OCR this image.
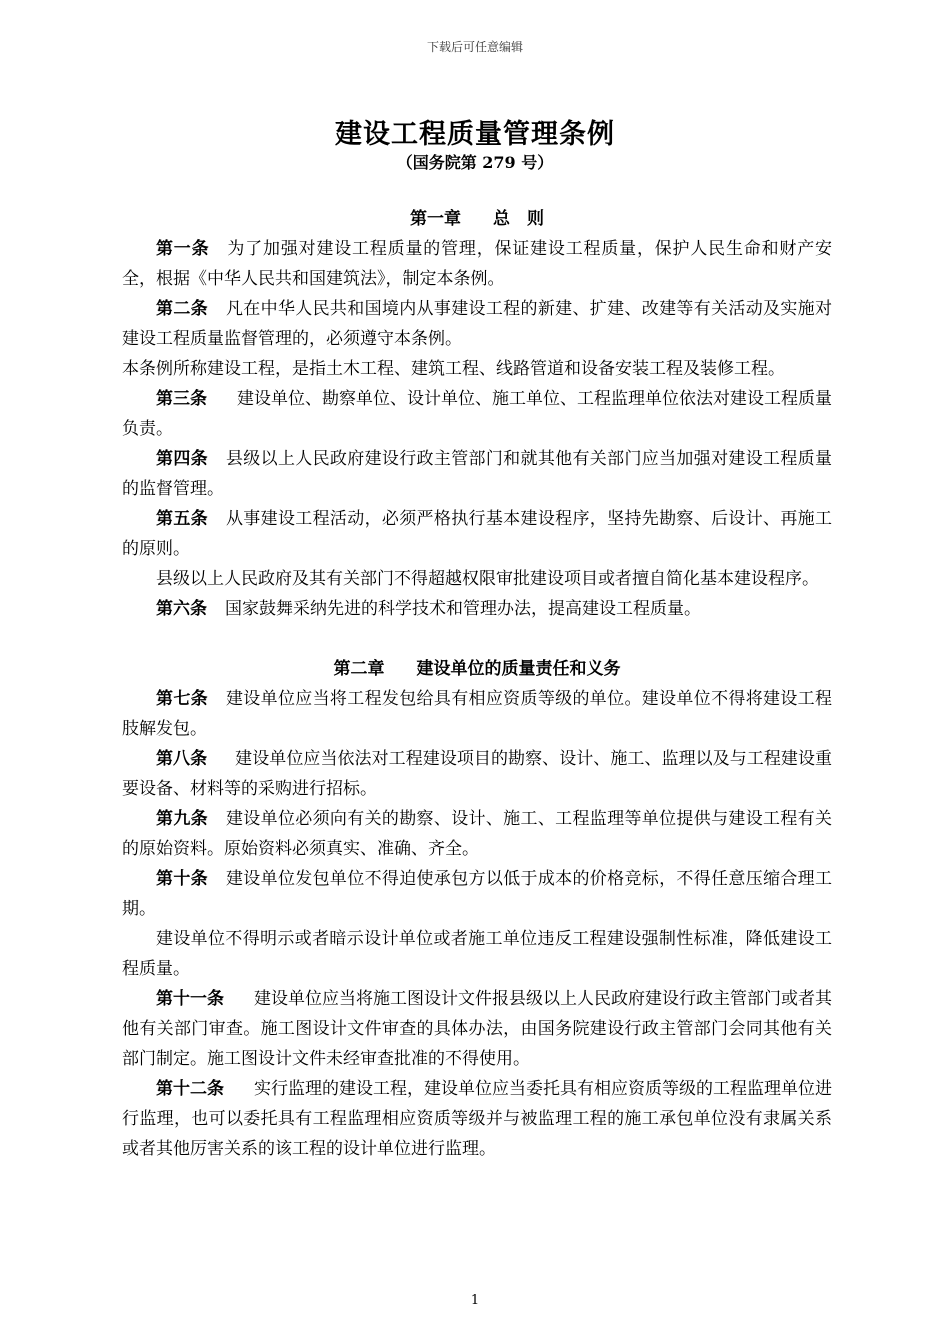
下载后可任意编辑
建设工程质量管理条例
（国务院第 279 号）
第一章 总　则

第一条 为了加强对建设工程质量的管理，保证建设工程质量，保护人民生命和财产安全，根据《中华人民共和国建筑法》，制定本条例。

第二条 凡在中华人民共和国境内从事建设工程的新建、扩建、改建等有关活动及实施对建设工程质量监督管理的，必须遵守本条例。

本条例所称建设工程，是指土木工程、建筑工程、线路管道和设备安装工程及装修工程。

第三条 建设单位、勘察单位、设计单位、施工单位、工程监理单位依法对建设工程质量负责。

第四条 县级以上人民政府建设行政主管部门和就其他有关部门应当加强对建设工程质量的监督管理。

第五条 从事建设工程活动，必须严格执行基本建设程序，坚持先勘察、后设计、再施工的原则。

县级以上人民政府及其有关部门不得超越权限审批建设项目或者擅自简化基本建设程序。

第六条 国家鼓舞采纳先进的科学技术和管理办法，提高建设工程质量。

第二章 建设单位的质量责任和义务

第七条 建设单位应当将工程发包给具有相应资质等级的单位。建设单位不得将建设工程肢解发包。

第八条 建设单位应当依法对工程建设项目的勘察、设计、施工、监理以及与工程建设重要设备、材料等的采购进行招标。

第九条 建设单位必须向有关的勘察、设计、施工、工程监理等单位提供与建设工程有关的原始资料。原始资料必须真实、准确、齐全。

第十条 建设单位发包单位不得迫使承包方以低于成本的价格竞标，不得任意压缩合理工期。

建设单位不得明示或者暗示设计单位或者施工单位违反工程建设强制性标准，降低建设工程质量。

第十一条 建设单位应当将施工图设计文件报县级以上人民政府建设行政主管部门或者其他有关部门审查。施工图设计文件审查的具体办法，由国务院建设行政主管部门会同其他有关部门制定。施工图设计文件未经审查批准的不得使用。

第十二条 实行监理的建设工程，建设单位应当委托具有相应资质等级的工程监理单位进行监理，也可以委托具有工程监理相应资质等级并与被监理工程的施工承包单位没有隶属关系或者其他厉害关系的该工程的设计单位进行监理。

1
